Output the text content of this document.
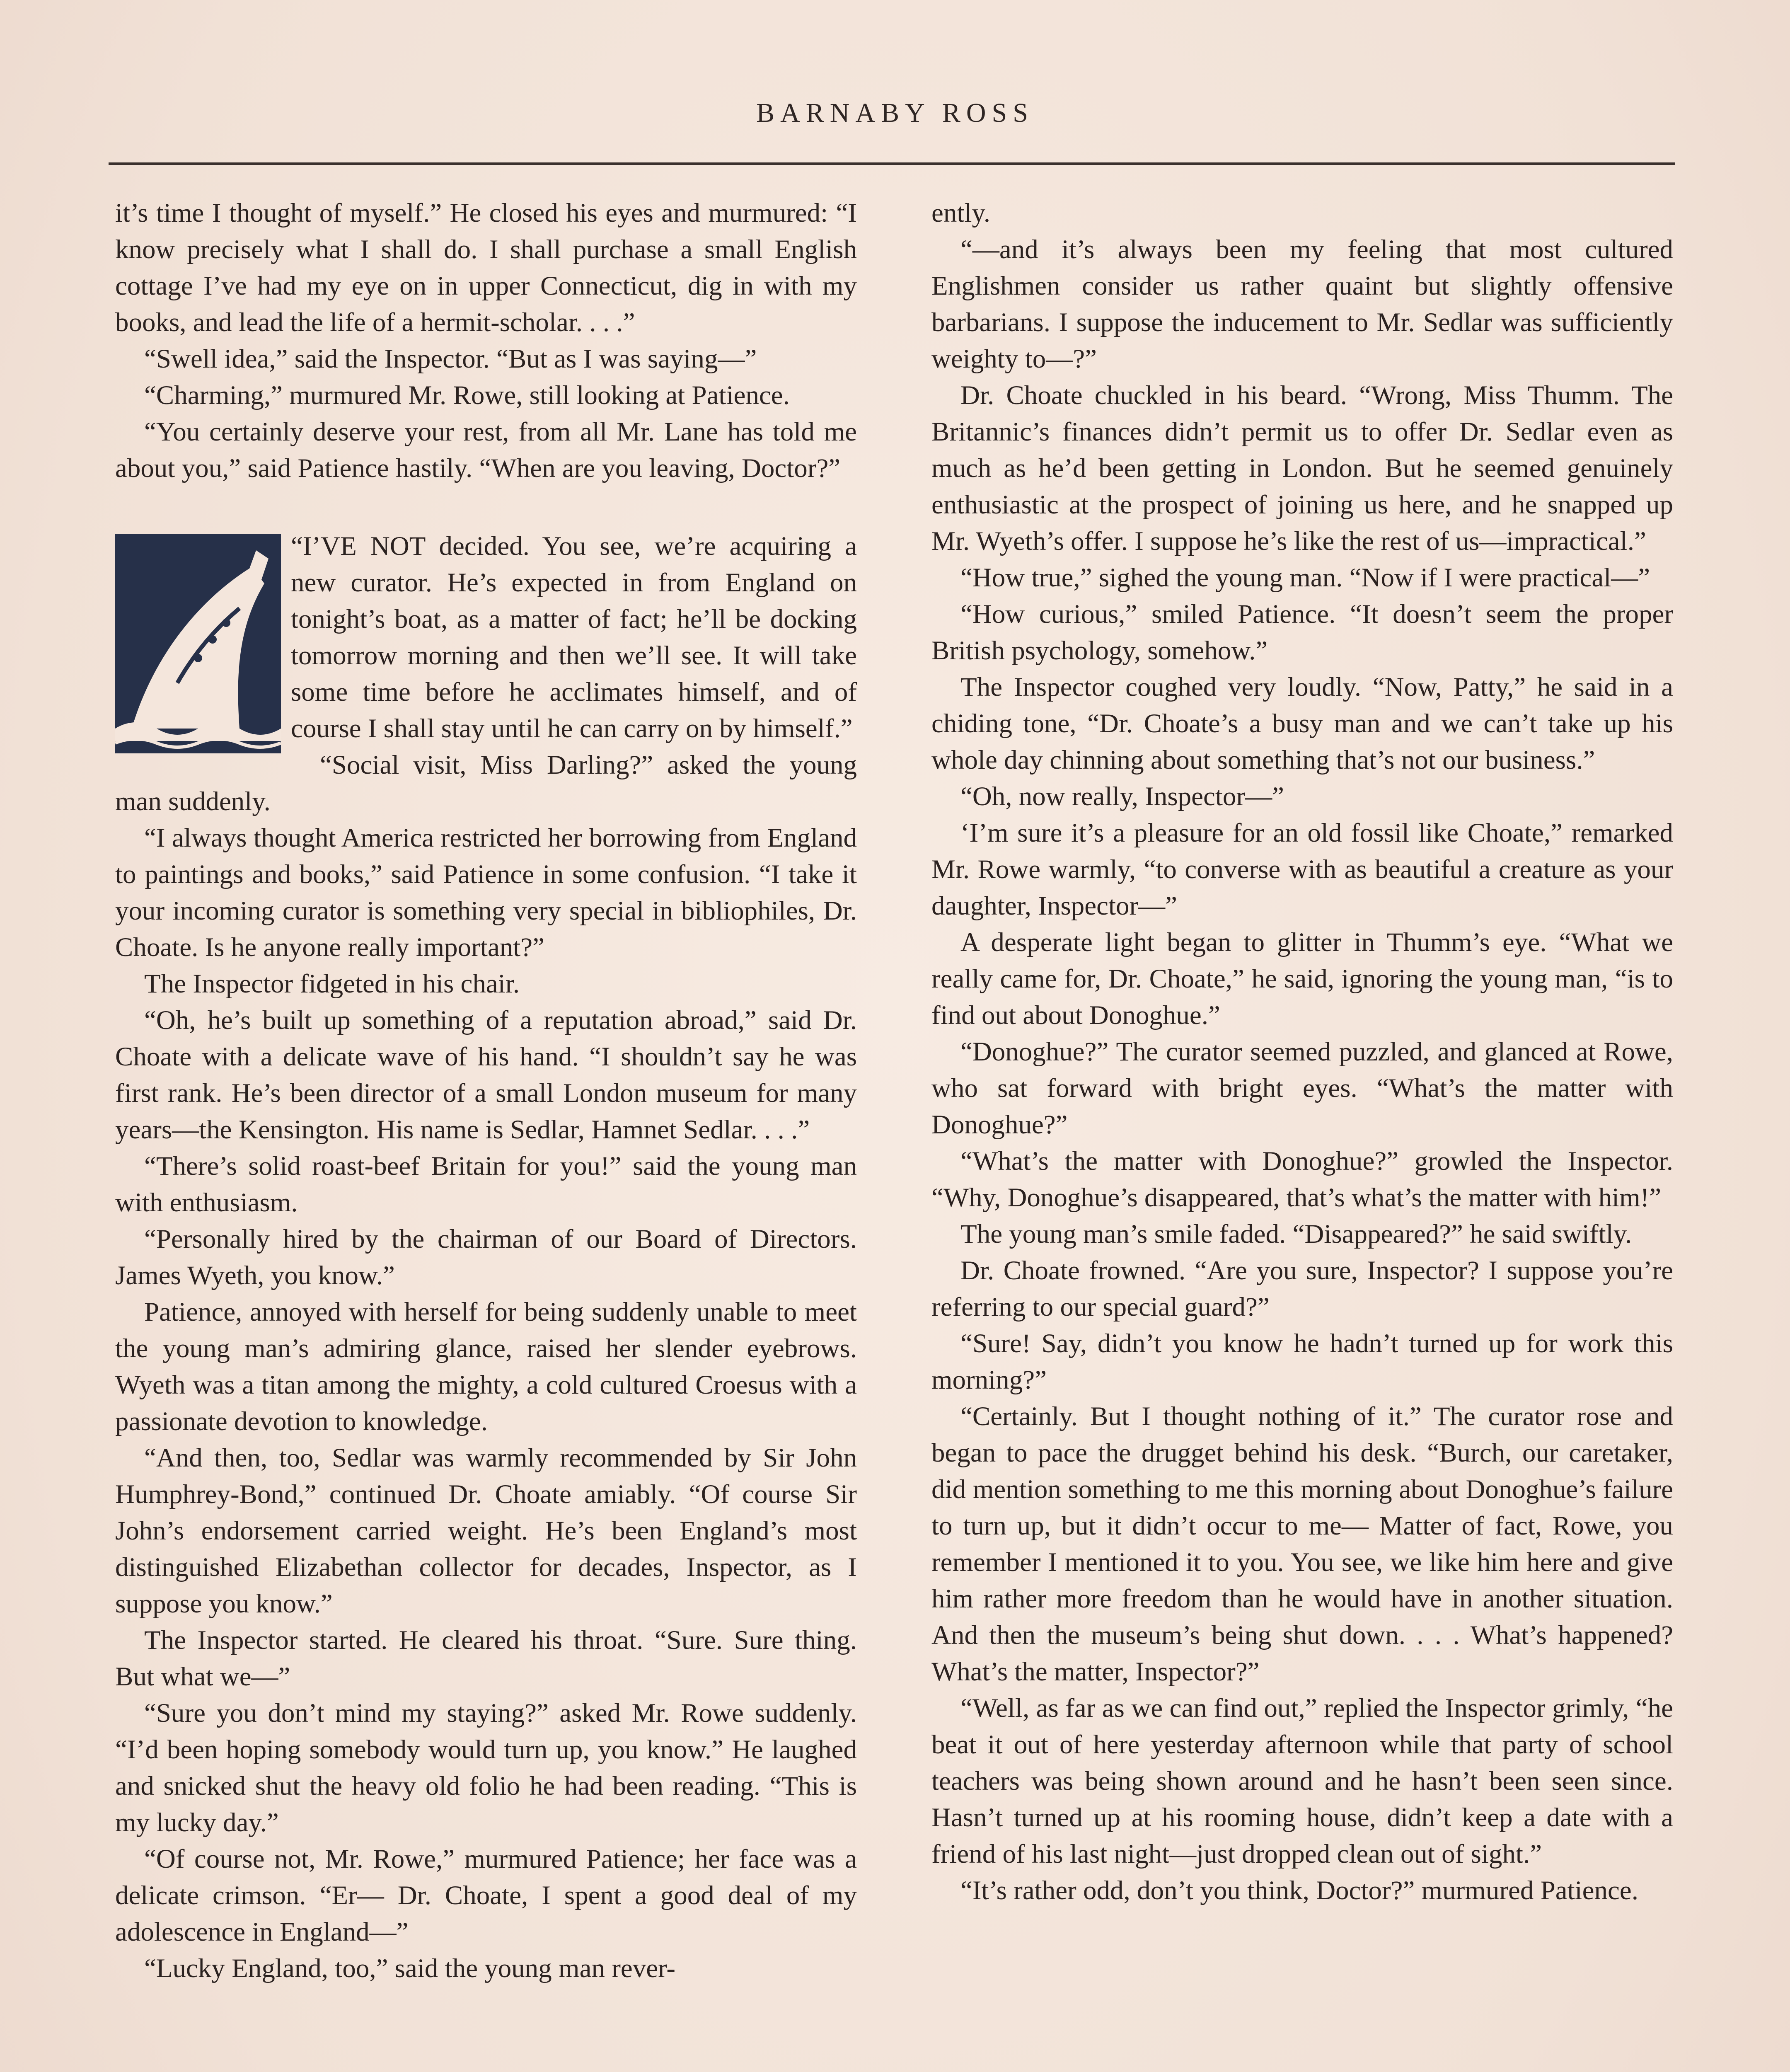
BARNABY ROSS

it’s time I thought of myself.” He closed his eyes and murmured: “I know precisely what I shall do. I shall purchase a small English cottage I’ve had my eye on in upper Connecticut, dig in with my books, and lead the life of a hermit-scholar. . . .”

“Swell idea,” said the Inspector. “But as I was saying—”

“Charming,” murmured Mr. Rowe, still looking at Patience.

“You certainly deserve your rest, from all Mr. Lane has told me about you,” said Patience hastily. “When are you leaving, Doctor?”

“I’VE NOT decided. You see, we’re acquiring a new curator. He’s expected in from England on tonight’s boat, as a matter of fact; he’ll be docking tomorrow morning and then we’ll see. It will take some time before he acclimates himself, and of course I shall stay until he can carry on by himself.”

“Social visit, Miss Darling?” asked the young man suddenly.

“I always thought America restricted her borrowing from England to paintings and books,” said Patience in some confusion. “I take it your incoming curator is something very special in bibliophiles, Dr. Choate. Is he anyone really important?”

The Inspector fidgeted in his chair.

“Oh, he’s built up something of a reputation abroad,” said Dr. Choate with a delicate wave of his hand. “I shouldn’t say he was first rank. He’s been director of a small London museum for many years—the Kensington. His name is Sedlar, Hamnet Sedlar. . . .”

“There’s solid roast-beef Britain for you!” said the young man with enthusiasm.

“Personally hired by the chairman of our Board of Directors. James Wyeth, you know.”

Patience, annoyed with herself for being suddenly unable to meet the young man’s admiring glance, raised her slender eyebrows. Wyeth was a titan among the mighty, a cold cultured Croesus with a passionate devotion to knowledge.

“And then, too, Sedlar was warmly recommended by Sir John Humphrey-Bond,” continued Dr. Choate amiably. “Of course Sir John’s endorsement carried weight. He’s been England’s most distinguished Elizabethan collector for decades, Inspector, as I suppose you know.”

The Inspector started. He cleared his throat. “Sure. Sure thing. But what we—”

“Sure you don’t mind my staying?” asked Mr. Rowe suddenly. “I’d been hoping somebody would turn up, you know.” He laughed and snicked shut the heavy old folio he had been reading. “This is my lucky day.”

“Of course not, Mr. Rowe,” murmured Patience; her face was a delicate crimson. “Er— Dr. Choate, I spent a good deal of my adolescence in England—”

“Lucky England, too,” said the young man rever-

ently.

“—and it’s always been my feeling that most cultured Englishmen consider us rather quaint but slightly offensive barbarians. I suppose the inducement to Mr. Sedlar was sufficiently weighty to—?”

Dr. Choate chuckled in his beard. “Wrong, Miss Thumm. The Britannic’s finances didn’t permit us to offer Dr. Sedlar even as much as he’d been getting in London. But he seemed genuinely enthusiastic at the prospect of joining us here, and he snapped up Mr. Wyeth’s offer. I suppose he’s like the rest of us—impractical.”

“How true,” sighed the young man. “Now if I were practical—”

“How curious,” smiled Patience. “It doesn’t seem the proper British psychology, somehow.”

The Inspector coughed very loudly. “Now, Patty,” he said in a chiding tone, “Dr. Choate’s a busy man and we can’t take up his whole day chinning about something that’s not our business.”

“Oh, now really, Inspector—”

‘I’m sure it’s a pleasure for an old fossil like Choate,” remarked Mr. Rowe warmly, “to converse with as beautiful a creature as your daughter, Inspector—”

A desperate light began to glitter in Thumm’s eye. “What we really came for, Dr. Choate,” he said, ignoring the young man, “is to find out about Donoghue.”

“Donoghue?” The curator seemed puzzled, and glanced at Rowe, who sat forward with bright eyes. “What’s the matter with Donoghue?”

“What’s the matter with Donoghue?” growled the Inspector. “Why, Donoghue’s disappeared, that’s what’s the matter with him!”

The young man’s smile faded. “Disappeared?” he said swiftly.

Dr. Choate frowned. “Are you sure, Inspector? I suppose you’re referring to our special guard?”

“Sure! Say, didn’t you know he hadn’t turned up for work this morning?”

“Certainly. But I thought nothing of it.” The curator rose and began to pace the drugget behind his desk. “Burch, our caretaker, did mention something to me this morning about Donoghue’s failure to turn up, but it didn’t occur to me— Matter of fact, Rowe, you remember I mentioned it to you. You see, we like him here and give him rather more freedom than he would have in another situation. And then the museum’s being shut down. . . . What’s happened? What’s the matter, Inspector?”

“Well, as far as we can find out,” replied the Inspector grimly, “he beat it out of here yesterday afternoon while that party of school teachers was being shown around and he hasn’t been seen since. Hasn’t turned up at his rooming house, didn’t keep a date with a friend of his last night—just dropped clean out of sight.”

“It’s rather odd, don’t you think, Doctor?” murmured Patience.
